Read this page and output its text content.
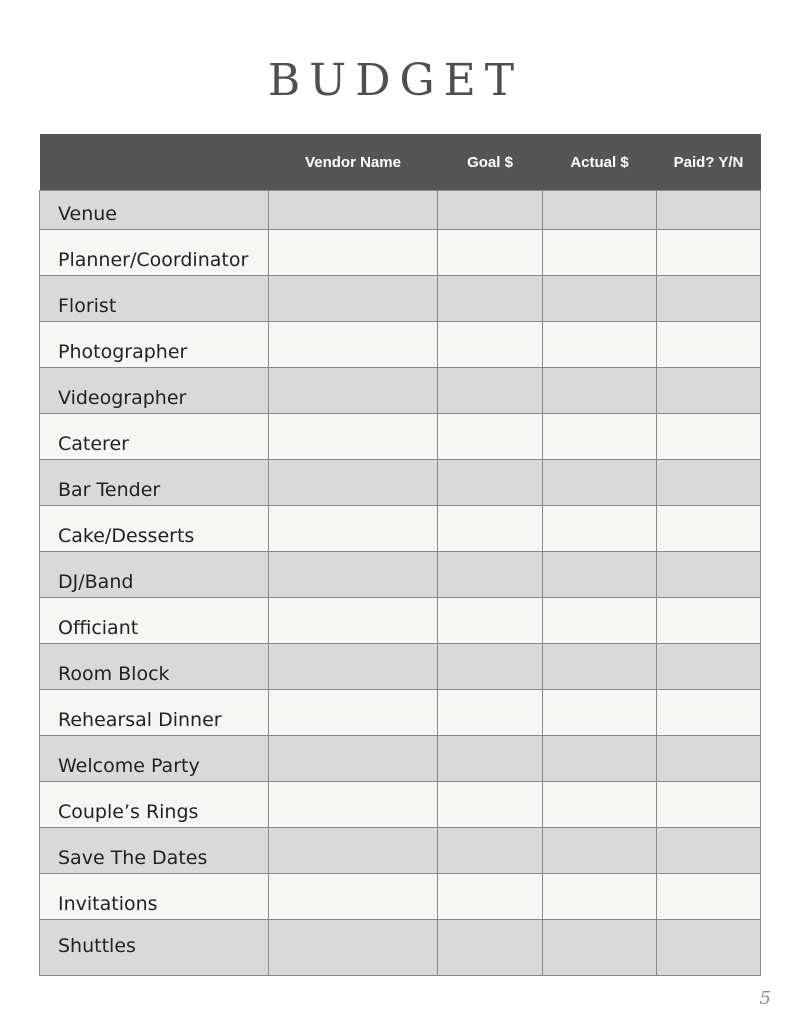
BUDGET
	Vendor Name	Goal $	Actual $	Paid? Y/N
Venue				
Planner/Coordinator				
Florist				
Photographer				
Videographer				
Caterer				
Bar Tender				
Cake/Desserts				
DJ/Band				
Officiant				
Room Block				
Rehearsal Dinner				
Welcome Party				
Couple’s Rings				
Save The Dates				
Invitations				
Shuttles				
5
